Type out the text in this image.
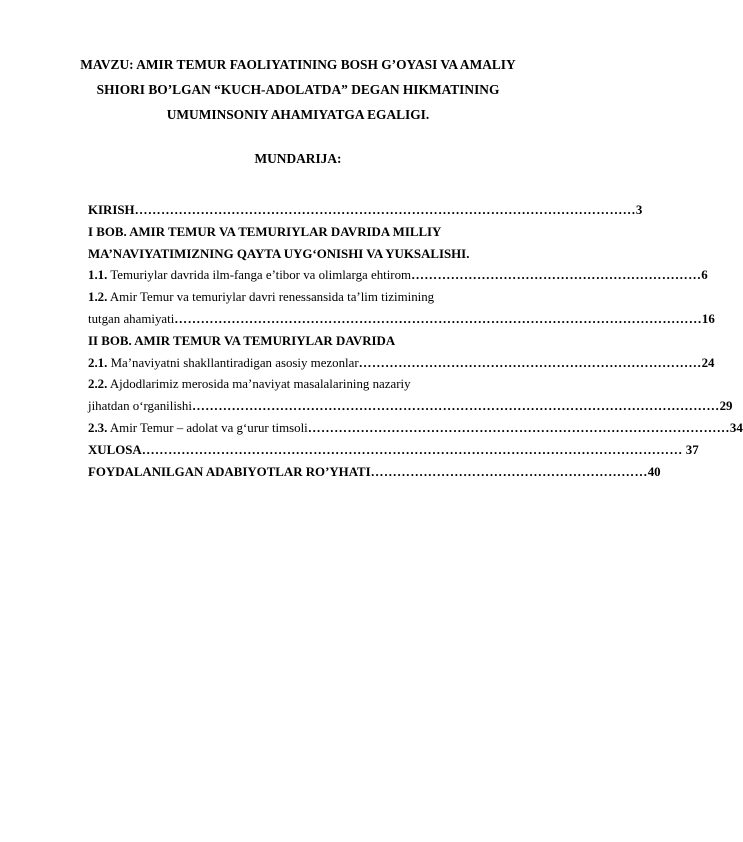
MAVZU: AMIR TEMUR FAOLIYATINING BOSH G’OYASI VA AMALIY
SHIORI BO’LGAN “KUCH-ADOLATDA” DEGAN HIKMATINING
UMUMINSONIY AHAMIYATGA EGALIGI.
MUNDARIJA:
KIRISH …………………………………………………………………………………………………… 3
I BOB. AMIR TEMUR VA TEMURIYLAR DAVRIDA MILLIY
MA’NAVIYATIMIZNING QAYTA UYG‘ONISHI VA YUKSALISHI.
1.1. Temuriylar davrida ilm-fanga e’tibor va olimlarga ehtirom ………………………………………………………… 6
1.2. Amir Temur va temuriylar davri renessansida ta’lim tizimining
tutgan ahamiyati ………………………………………………………………………………………………………… 16
II BOB. AMIR TEMUR VA TEMURIYLAR DAVRIDA
2.1. Ma’naviyatni shakllantiradigan asosiy mezonlar …………………………………………………………………… 24
2.2. Ajdodlarimiz merosida ma’naviyat masalalarining nazariy
jihatdan o‘rganilishi ………………………………………………………………………………………………………… 29
2.3. Amir Temur – adolat va g‘urur timsoli …………………………………………………………………………………… 34
XULOSA …………………………………………………………………………………………………………… 37
FOYDALANILGAN ADABIYOTLAR RO’YHATI ……………………………………………………… 40
